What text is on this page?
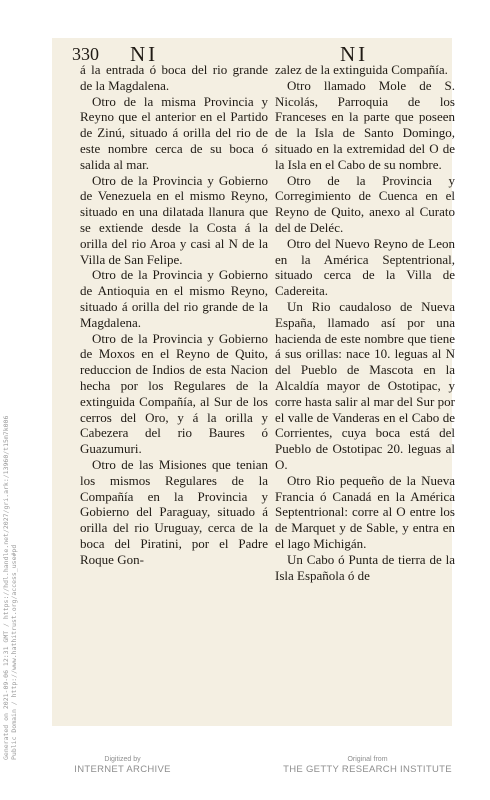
330 NI	NI

á la entrada ó boca del rio grande de la Magdalena.

Otro de la misma Provincia y Reyno que el anterior en el Partido de Zinú, situado á orilla del rio de este nombre cerca de su boca ó salida al mar.

Otro de la Provincia y Gobierno de Venezuela en el mismo Reyno, situado en una dilatada llanura que se extiende desde la Costa á la orilla del rio Aroa y casi al N de la Villa de San Felipe.

Otro de la Provincia y Gobierno de Antioquia en el mismo Reyno, situado á orilla del rio grande de la Magdalena.

Otro de la Provincia y Gobierno de Moxos en el Reyno de Quito, reduccion de Indios de esta Nacion hecha por los Regulares de la extinguida Compañía, al Sur de los cerros del Oro, y á la orilla y Cabezera del rio Baures ó Guazumuri.

Otro de las Misiones que tenian los mismos Regulares de la Compañía en la Provincia y Gobierno del Paraguay, situado á orilla del rio Uruguay, cerca de la boca del Piratini, por el Padre Roque Gon-

zalez de la extinguida Compañía.

Otro llamado Mole de S. Nicolás, Parroquia de los Franceses en la parte que poseen de la Isla de Santo Domingo, situado en la extremidad del O de la Isla en el Cabo de su nombre.

Otro de la Provincia y Corregimiento de Cuenca en el Reyno de Quito, anexo al Curato del de Deléc.

Otro del Nuevo Reyno de Leon en la América Septentrional, situado cerca de la Villa de Cadereita.

Un Rio caudaloso de Nueva España, llamado así por una hacienda de este nombre que tiene á sus orillas: nace 10. leguas al N del Pueblo de Mascota en la Alcaldía mayor de Ostotipac, y corre hasta salir al mar del Sur por el valle de Vanderas en el Cabo de Corrientes, cuya boca está del Pueblo de Ostotipac 20. leguas al O.

Otro Rio pequeño de la Nueva Francia ó Canadá en la América Septentrional: corre al O entre los de Marquet y de Sable, y entra en el lago Michigán.

Un Cabo ó Punta de tierra de la Isla Española ó de

Generated on 2021-09-06 12:31 GMT / https://hdl.handle.net/2027/gri.ark:/13960/t15m7k006 Public Domain / http://www.hathitrust.org/access_use#pd	Digitized by
INTERNET ARCHIVE
Original from
THE GETTY RESEARCH INSTITUTE
